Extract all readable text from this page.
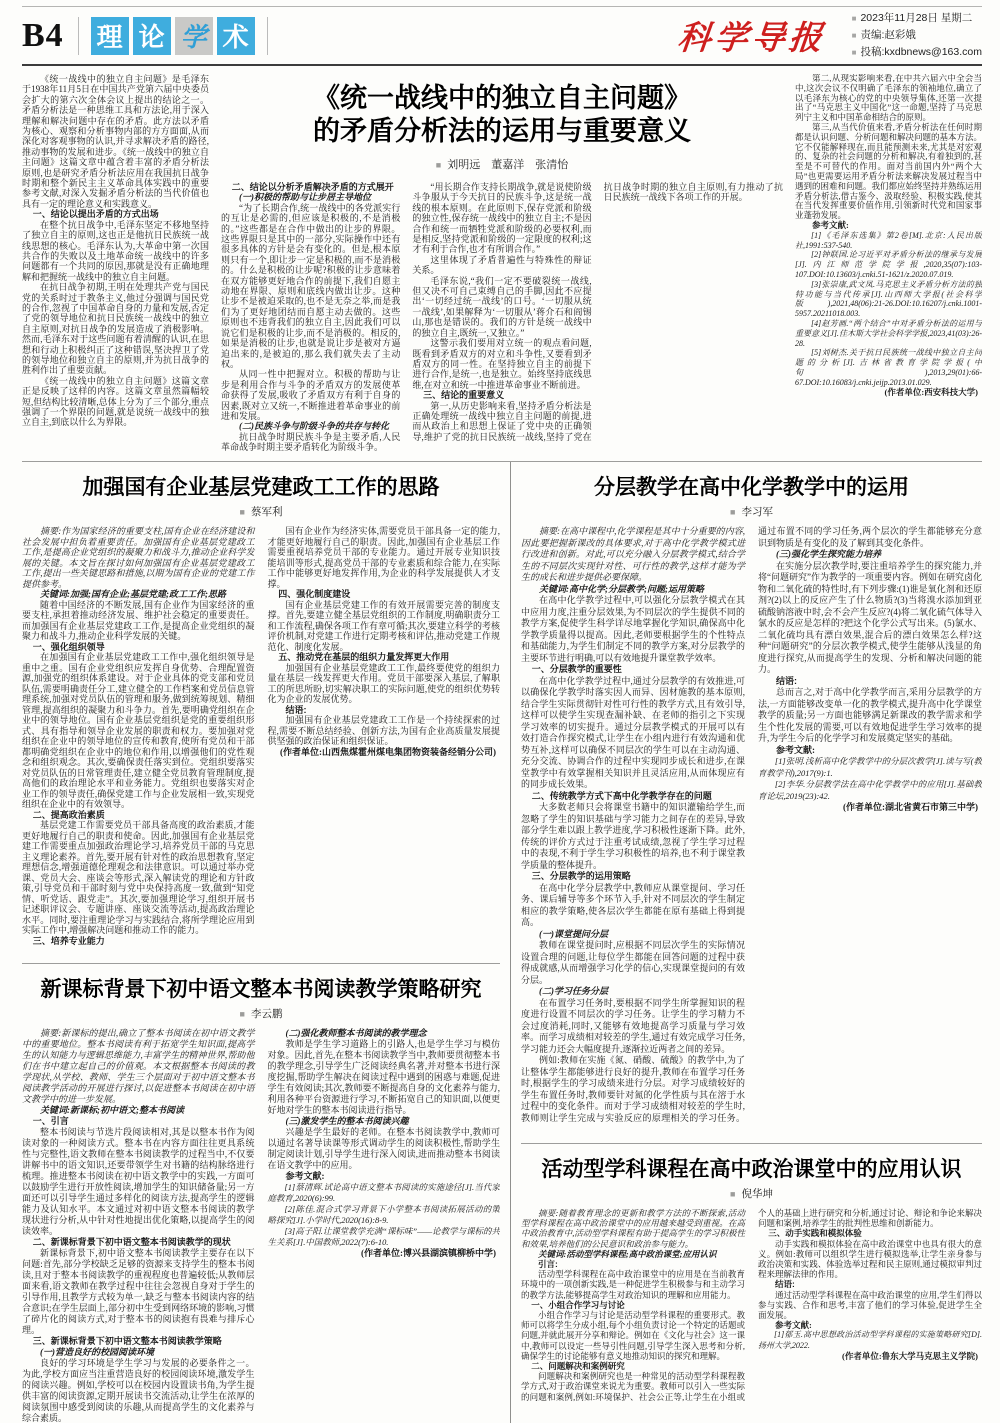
B4 理 论 学 术	科学导报	■ 2023年11月28日 星期二
■ 责编:赵彩娥
■ 投稿:kxdbnews@163.com

《统一战线中的独立自主问题》是毛泽东于1938年11月5日在中国共产党第六届中央委员会扩大的第六次全体会议上提出的结论之一。矛盾分析法是一种思维工具和方法论,用于深入理解和解决问题中存在的矛盾。此方法以矛盾为核心、观察和分析事物内部的方方面面,从而深化对客观事物的认识,并寻求解决矛盾的路径,推动事物的发展和进步。《统一战线中的独立自主问题》这篇文章中蕴含着丰富的矛盾分析法原则,也是研究矛盾分析法应用在我国抗日战争时期和整个新民主主义革命具体实践中的重要参考文献,对深入发掘矛盾分析法的当代价值也具有一定的理论意义和实践意义。

一、结论以提出矛盾的方式出场

在整个抗日战争中,毛泽东坚定不移地坚持了独立自主的原则,这也正是他抗日民族统一战线思想的核心。毛泽东认为,大革命中第一次国共合作的失败以及土地革命统一战线中的许多问题都有一个共同的原因,那就是没有正确地理解和把握统一战线中的独立自主问题。

在抗日战争初期,王明在处理共产党与国民党的关系时过于教条主义,他过分强调与国民党的合作,忽视了中国革命自身的力量和发展,否定了党的领导地位和抗日民族统一战线中的独立自主原则,对抗日战争的发展造成了消极影响。然而,毛泽东对于这些问题有着清醒的认识,在思想和行动上积极纠正了这种错误,坚决捍卫了党的领导地位和独立自主的原则,并为抗日战争的胜利作出了重要贡献。

《统一战线中的独立自主问题》这篇文章正是反映了这样的内容。这篇文章虽然篇幅较短,但结构比较清晰,总体上分为了三个部分,重点强调了一个界限的问题,就是说统一战线中的独立自主,到底以什么为界限。

《统一战线中的独立自主问题》
的矛盾分析法的运用与重要意义
■ 刘明远　董嘉洋　张清怡

二、结论以分析矛盾解决矛盾的方式展开

(一)积极的帮助与让步居主导地位

“为了长期合作,统一战线中的各党派实行的互让是必需的,但应该是积极的,不是消极的。”这些都是在合作中做出的让步的界限。这些界限只是其中的一部分,实际操作中还有很多具体的方针是会有变化的。但是,根本原则只有一个,即让步一定是积极的,而不是消极的。什么是积极的让步呢?积极的让步意味着在双方能够更好地合作的前提下,我们自愿主动地在界限、原则和底线内做出让步。这种让步不是被迫采取的,也不是无奈之举,而是我们为了更好地团结而自愿主动去做的。这些原则也不违背我们的独立自主,因此我们可以说它们是积极的让步,而不是消极的。相反的,如果是消极的让步,也就是说让步是被对方逼迫出来的,是被迫的,那么我们就失去了主动权。

从同一性中把握对立。积极的帮助与让步是利用合作与斗争的矛盾双方的发展使革命获得了发展,吸收了矛盾双方有利于自身的因素,既对立又统一,不断推进着革命事业的前进和发展。

(二)民族斗争与阶级斗争的共存与转化

抗日战争时期民族斗争是主要矛盾,人民革命战争时期主要矛盾转化为阶级斗争。

“用长期合作支持长期战争,就是说使阶级斗争服从于今天抗日的民族斗争,这是统一战线的根本原则。在此原则下,保存党派和阶级的独立性,保存统一战线中的独立自主;不是因合作和统一而牺牲党派和阶级的必要权利,而是相反,坚持党派和阶级的一定限度的权利;这才有利于合作,也才有所谓合作。”

这里体现了矛盾普遍性与特殊性的辩证关系。

毛泽东说,“我们一定不要破裂统一战线,但又决不可自己束缚自己的手脚,因此不应提出‘一切经过统一战线’的口号。‘一切服从统一战线’,如果解释为‘一切服从’蒋介石和阎锡山,那也是错误的。我们的方针是统一战线中的独立自主,既统一,又独立。”

这警示我们要用对立统一的观点看问题,既看到矛盾双方的对立和斗争性,又要看到矛盾双方的同一性。在坚持独立自主的前提下进行合作,是统一,也是独立。始终坚持底线思维,在对立和统一中推进革命事业不断前进。

三、结论的重要意义

第一,从历史影响来看,坚持矛盾分析法是正确处理统一战线中独立自主问题的前提,进而从政治上和思想上保证了党中央的正确领导,维护了党的抗日民族统一战线,坚持了党在抗日战争时期的独立自主原则,有力推动了抗日民族统一战线下各项工作的开展。

第二,从现实影响来看,在中共六届六中全会当中,这次会议不仅明确了毛泽东的领袖地位,确立了以毛泽东为核心的党的中央领导集体,还第一次提出了“马克思主义中国化”这一命题,坚持了马克思列宁主义和中国革命相结合的原则。

第三,从当代价值来看,矛盾分析法在任何时期都是认识问题、分析问题和解决问题的基本方法。它不仅能解释现在,而且能预测未来,尤其是对宏观的、复杂的社会问题的分析和解决,有着独到的,甚至是不可替代的作用。面对当前国内外“两个大局”也更需要运用矛盾分析法来解决发展过程当中遇到的困难和问题。我们都应始终坚持并熟练运用矛盾分析法,借古鉴今、汲取经验、积极实践,使其在当代发挥重要价值作用,引领新时代党和国家事业蓬勃发展。

参考文献:

[1]《毛泽东选集》第2卷[M].北京:人民出版社,1991:537-540.

[2]钟联国.论习近平对矛盾分析法的继承与发展[J].内江师范学院学报,2020,35(07):103-107.DOI:10.13603/j.cnki.51-1621/z.2020.07.019.

[3]张崇康,武文凤.马克思主义矛盾分析方法的独特功能与当代传承[J].山西师大学报(社会科学版),2021,48(06):21-26.DOI:10.16207/j.cnki.1001-5957.20211018.003.

[4]赵芳画.“两个结合”中对矛盾分析法的运用与重要意义[J].佳木斯大学社会科学学报,2023,41(03):26-28.

[5]刘树杰.关于抗日民族统一战线中独立自主问题的分析[J].吉林省教育学院学报(中旬),2013,29(01):66-67.DOI:10.16083/j.cnki.jeijp.2013.01.029.

(作者单位:西安科技大学)

加强国有企业基层党建政工工作的思路
■ 蔡军利

摘要:作为国家经济的重要支柱,国有企业在经济建设和社会发展中担负着重要责任。加强国有企业基层党建政工工作,是提高企业党组织的凝聚力和战斗力,推动企业科学发展的关键。本文旨在探讨如何加强国有企业基层党建政工工作,提出一些关键思路和措施,以期为国有企业的党建工作提供参考。

关键词:加强;国有企业;基层党建;政工工作;思路

随着中国经济的不断发展,国有企业作为国家经济的重要支柱,承担着推动经济发展、维护社会稳定的重要责任。而加强国有企业基层党建政工工作,是提高企业党组织的凝聚力和战斗力,推动企业科学发展的关键。

一、强化组织领导

在加强国有企业基层党建政工工作中,强化组织领导是重中之重。国有企业党组织应发挥自身优势、合理配置资源,加强党的组织体系建设。对于企业具体的党支部和党员队伍,需要明确责任分工,建立健全的工作档案和党员信息管理系统,加强对党员队伍的管理和服务,做到统筹规划、精细管理,提高组织的凝聚力和斗争力。首先,要明确党组织在企业中的领导地位。国有企业基层党组织是党的重要组织形式、具有指导和领导企业发展的职责和权力。要加强对党组织在企业中的领导地位的宣传和教育,使所有党员和干部都明确党组织在企业中的地位和作用,以增强他们的党性观念和组织观念。其次,要确保责任落实到位。党组织要落实对党员队伍的日常管理责任,建立健全党员教育管理制度,提高他们的政治理论水平和业务能力。党组织也要落实对企业工作的领导责任,确保党建工作与企业发展相一致,实现党组织在企业中的有效领导。

二、提高政治素质

基层党建工作需要党员干部具备高度的政治素质,才能更好地履行自己的职责和使命。因此,加强国有企业基层党建工作需要重点加强政治理论学习,培养党员干部的马克思主义理论素养。首先,要开展有针对性的政治思想教育,坚定理想信念,增强道德伦理观念和法律意识。可以通过举办党课、党员大会、座谈会等形式,深入解读党的理论和方针政策,引导党员和干部时刻与党中央保持高度一致,做到“知党情、听党话、跟党走”。其次,要加强理论学习,组织开展书记述职评议会、专题讲座、座谈交流等活动,提高政治理论水平。同时,要注重理论学习与实践结合,将所学理论应用到实际工作中,增强解决问题和推动工作的能力。

三、培养专业能力

国有企业作为经济实体,需要党员干部具备一定的能力,才能更好地履行自己的职责。因此,加强国有企业基层工作需要重视培养党员干部的专业能力。通过开展专业知识技能培训等形式,提高党员干部的专业素质和综合能力,在实际工作中能够更好地发挥作用,为企业的科学发展提供人才支撑。

四、强化制度建设

国有企业基层党建工作的有效开展需要完善的制度支撑。首先,要建立健全基层党组织的工作制度,明确职责分工和工作流程,确保各项工作有章可循;其次,要建立科学的考核评价机制,对党建工作进行定期考核和评估,推动党建工作规范化、制度化发展。

五、推动党在基层的组织力量发挥更大作用

加强国有企业基层党建政工工作,最终要使党的组织力量在基层一线发挥更大作用。党员干部要深入基层,了解职工的所思所盼,切实解决职工的实际问题,使党的组织优势转化为企业的发展优势。

结语:

加强国有企业基层党建政工工作是一个持续探索的过程,需要不断总结经验、创新方法,为国有企业高质量发展提供坚强的政治保证和组织保证。

(作者单位:山西焦煤霍州煤电集团物资装备经销分公司)

新课标背景下初中语文整本书阅读教学策略研究
■ 李云鹏

摘要:新课标的提出,确立了整本书阅读在初中语文教学中的重要地位。整本书阅读有利于拓宽学生知识面,提高学生的认知能力与逻辑思维能力,丰富学生的精神世界,帮助他们在书中建立起自己的价值观。本文根据整本书阅读的教学现状,从学校、教师、学生三个层面对于初中语文整本书阅读教学活动的开展进行探讨,以促进整本书阅读在初中语文教学中的进一步发展。

关键词:新课标;初中语文;整本书阅读

一、引言

整本书阅读与节选片段阅读相对,其是以整本书作为阅读对象的一种阅读方式。整本书在内容方面往往更具系统性与完整性,语文教师在整本书阅读教学的过程当中,不仅要讲解书中的语文知识,还要带领学生对书籍的结构脉络进行梳理。推进整本书阅读在初中语文教学中的实践,一方面可以鼓励学生进行开放性阅读,增加学生的知识储备量;另一方面还可以引导学生通过多样化的阅读方法,提高学生的逻辑能力及认知水平。本文通过对初中语文整本书阅读的教学现状进行分析,从中针对性地提出优化策略,以提高学生的阅读效率。

二、新课标背景下初中语文整本书阅读教学的现状

新课标背景下,初中语文整本书阅读教学主要存在以下问题:首先,部分学校缺乏足够的资源来支持学生的整本书阅读,且对于整本书阅读教学的重视程度也普遍较低;从教师层面来看,语文教师在教学过程中往往会忽视自身对于学生的引导作用,且教学方式较为单一,缺乏与整本书阅读内容的结合意识;在学生层面上,部分初中生受到网络环境的影响,习惯了碎片化的阅读方式,对于整本书的阅读抱有畏难与排斥心理。

三、新课标背景下初中语文整本书阅读教学策略

(一)营造良好的校园阅读环境

良好的学习环境是学生学习与发展的必要条件之一。为此,学校方面应当注重营造良好的校园阅读环境,激发学生的阅读兴趣。例如,学校可以在校园内设置读书角,为学生提供丰富的阅读资源,定期开展读书交流活动,让学生在浓厚的阅读氛围中感受到阅读的乐趣,从而提高学生的文化素养与综合素质。

(二)强化教师整本书阅读的教学理念

教师是学生学习道路上的引路人,也是学生学习与模仿对象。因此,首先,在整本书阅读教学当中,教师要贯彻整本书的教学理念,引导学生广泛阅读经典名著,并对整本书进行深度挖掘,帮助学生解决在阅读过程中遇到的困惑与难题,促进学生有效阅读;其次,教师要不断提高自身的文化素养与能力,利用各种平台资源进行学习,不断拓宽自己的知识面,以便更好地对学生的整本书阅读进行指导。

(三)激发学生的整本书阅读兴趣

兴趣是学生最好的老师。在整本书阅读教学中,教师可以通过名著导读课等形式调动学生的阅读积极性,帮助学生制定阅读计划,引导学生进行深入阅读,进而推动整本书阅读在语文教学中的应用。

参考文献:

[1]蔡清辉.试论高中语文整本书阅读的实施途径[J].当代家庭教育,2020(6):99.

[2]陈佳.混合式学习背景下小学整本书阅读拓展活动的策略探究[J].小学时代,2020(16):8-9.

[3]高子阳.让课堂教学充满“课标味”——论教学与课标的共生关系[J].中国教师,2022(7):6-10.

(作者单位:博兴县湖滨镇柳桥中学)

分层教学在高中化学教学中的运用
■ 李习军

摘要:在高中课程中,化学课程是其中十分重要的内容,因此要把握新课改的具体要求,对于高中化学教学模式进行改进和创新。对此,可以充分融入分层教学模式,结合学生的不同层次实现针对性、可行性的教学,这样才能为学生的成长和进步提供必要保障。

关键词:高中化学;分层教学;问题;运用策略

在高中化学教学过程中,可以强化分层教学模式在其中应用力度,注重分层效果,为不同层次的学生提供不同的教学方案,促使学生科学详尽地掌握化学知识,确保高中化学教学质量得以提高。因此,老师要根据学生的个性特点和基础能力,为学生们制定不同的教学方案,对分层教学的主要环节进行明确,可以有效地提升课堂教学效率。

一、分层教学的重要性

在高中化学教学过程中,通过分层教学的有效推进,可以确保化学教学时落实因人而异、因材施教的基本原则,结合学生实际贯彻针对性可行性的教学方式,且有效引导,这样可以使学生实现查漏补缺、在老师的指引之下实现学习效率的切实提升。通过分层教学模式的开展可以有效打造合作探究模式,让学生在小组内进行有效沟通和优势互补,这样可以确保不同层次的学生可以在主动沟通、充分交流、协调合作的过程中实现同步成长和进步,在课堂教学中有效掌握相关知识并且灵活应用,从而体现应有的同步成长效果。

二、传统教学方式下高中化学教学存在的问题

大多数老师只会将课堂书籍中的知识灌输给学生,而忽略了学生的知识基础与学习能力之间存在的差异,导致部分学生难以跟上教学进度,学习积极性逐渐下降。此外,传统的评价方式过于注重考试成绩,忽视了学生学习过程中的表现,不利于学生学习积极性的培养,也不利于课堂教学质量的整体提升。

三、分层教学的运用策略

在高中化学分层教学中,教师应从课堂提问、学习任务、课后辅导等多个环节入手,针对不同层次的学生制定相应的教学策略,使各层次学生都能在原有基础上得到提高。

(一)课堂提问分层

教师在课堂提问时,应根据不同层次学生的实际情况设置合理的问题,让每位学生都能在回答问题的过程中获得成就感,从而增强学习化学的信心,实现课堂提问的有效分层。

(二)学习任务分层

在布置学习任务时,要根据不同学生所掌握知识的程度进行设置不同层次的学习任务。让学生的学习精力不会过度消耗,同时,又能够有效地提高学习质量与学习效率。而学习成绩相对较差的学生,通过有效完成学习任务,学习能力还会大幅度提升,逐渐拉近两者之间的差异。

例如:教师在实施《氮、硝酸、硫酸》的教学中,为了让整体学生都能够进行良好的提升,教师在布置学习任务时,根据学生的学习成绩来进行分层。对学习成绩较好的学生布置任务时,教师要针对氮的化学性质与其在溶于水过程中的变化条件。而对于学习成绩相对较差的学生时,教师则让学生完成与实验反应的原理相关的学习任务。通过布置不同的学习任务,两个层次的学生都能够充分意识到物质是有变化的及了解到其变化条件。

(三)强化学生探究能力培养

在实施分层次教学时,要注重培养学生的探究能力,并将“问题研究”作为教学的一项重要内容。例如在研究卤化物和二氧化硫的特性时,有下列步骤:(1)谁是氧化剂和还原剂?(2)以上的反应产生了什么物质?(3)当将溴水添加到亚硫酸钠溶液中时,会不会产生反应?(4)将二氧化硫气体导入氯水的反应是怎样的?把这个化学公式写出来。(5)氯水、二氧化硫均具有漂白效果,混合后的漂白效果怎么样?这种“问题研究”的分层次教学模式,使学生能够从浅显的角度进行探究,从而提高学生的发现、分析和解决问题的能力。

结语:

总而言之,对于高中化学教学而言,采用分层教学的方法,一方面能够改变单一化的教学模式,提升高中化学课堂教学的质量;另一方面也能够满足新课改的教学需求和学生个性化发展的需要,可以有效地促进学生学习效率的提升,为学生今后的化学学习和发展奠定坚实的基础。

参考文献:

[1]张明.浅析高中化学教学中的分层次教学[J].读与写(教育教学刊),2017(9):1.

[2]李华.分层教学法在高中化学教学中的应用[J].基础教育论坛,2019(23):42.

(作者单位:湖北省黄石市第三中学)

活动型学科课程在高中政治课堂中的应用认识
■ 倪华坤

摘要:随着教育理念的更新和教学方法的不断探索,活动型学科课程在高中政治课堂中的应用越来越受到重视。在高中政治教育中,活动型学科课程有助于提高学生的学习积极性和效果,培养他们的公民意识和政治参与能力。

关键词:活动型学科课程;高中政治课堂;应用认识

引言:

活动型学科课程在高中政治课堂中的应用是在当前教育环境中的一项创新实践,是一种促进学生积极参与和主动学习的教学方法,能够提高学生对政治知识的理解和应用能力。

一、小组合作学习与讨论

小组合作学习与讨论是活动型学科课程的重要形式。教师可以将学生分成小组,每个小组负责讨论一个特定的话题或问题,并就此展开分享和辩论。例如在《文化与社会》这一课中,教师可以设定一些导引性问题,引导学生深入思考和分析,确保学生的讨论能够有意义地推动知识的探究和理解。

二、问题解决和案例研究

问题解决和案例研究也是一种常见的活动型学科课程教学方式,对于政治课堂来说尤为重要。教师可以引入一些实际的问题和案例,例如:环境保护、社会公正等,让学生在小组或个人的基础上进行研究和分析,通过讨论、辩论和争论来解决问题和案例,培养学生的批判性思维和创新能力。

三、动手实践和模拟体验

动手实践和模拟体验在高中政治课堂中也具有很大的意义。例如:教师可以组织学生进行模拟选举,让学生亲身参与政治决策和实践、体验选举过程和民主原则,通过模拟审判过程来理解法律的作用。

结语:

通过活动型学科课程在高中政治课堂的应用,学生们得以参与实践、合作和思考,丰富了他们的学习体验,促进学生全面发展。

参考文献:

[1]郁玉.高中思想政治活动型学科课程的实施策略研究[D].扬州大学,2022.

(作者单位:鲁东大学马克思主义学院)
